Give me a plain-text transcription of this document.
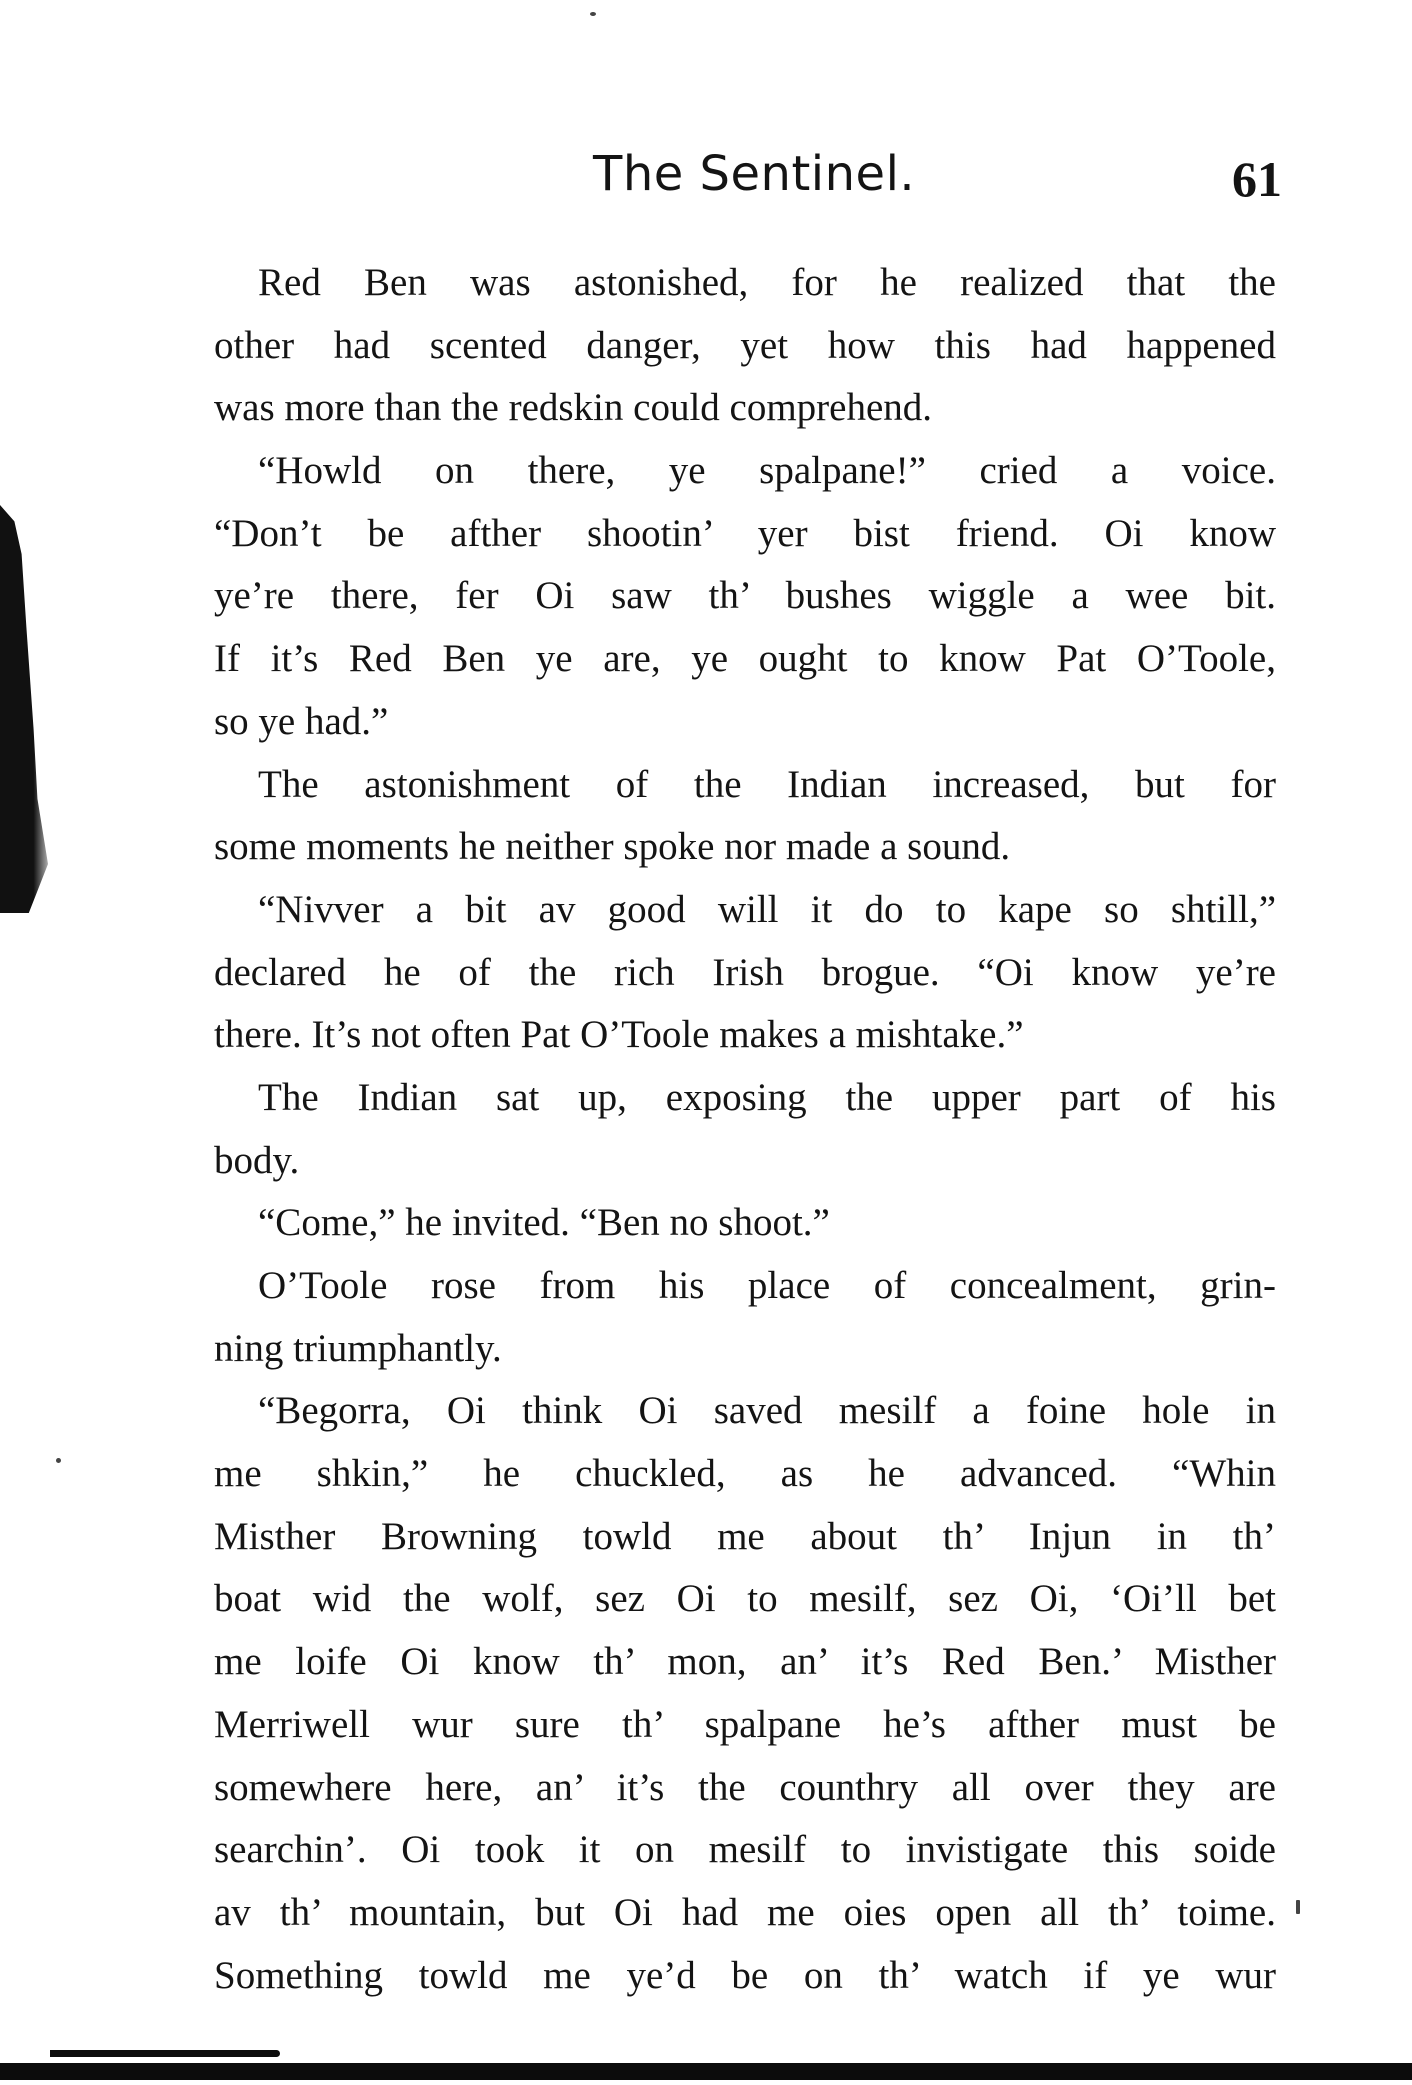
The Sentinel.	61
Red Ben was astonished, for he realized that the
other had scented danger, yet how this had happened
was more than the redskin could comprehend.
“Howld on there, ye spalpane!” cried a voice.
“Don’t be afther shootin’ yer bist friend. Oi know
ye’re there, fer Oi saw th’ bushes wiggle a wee bit.
If it’s Red Ben ye are, ye ought to know Pat O’Toole,
so ye had.”
The astonishment of the Indian increased, but for
some moments he neither spoke nor made a sound.
“Nivver a bit av good will it do to kape so shtill,”
declared he of the rich Irish brogue. “Oi know ye’re
there. It’s not often Pat O’Toole makes a mishtake.”
The Indian sat up, exposing the upper part of his
body.
“Come,” he invited. “Ben no shoot.”
O’Toole rose from his place of concealment, grin-
ning triumphantly.
“Begorra, Oi think Oi saved mesilf a foine hole in
me shkin,” he chuckled, as he advanced. “Whin
Misther Browning towld me about th’ Injun in th’
boat wid the wolf, sez Oi to mesilf, sez Oi, ‘Oi’ll bet
me loife Oi know th’ mon, an’ it’s Red Ben.’ Misther
Merriwell wur sure th’ spalpane he’s afther must be
somewhere here, an’ it’s the counthry all over they are
searchin’. Oi took it on mesilf to invistigate this soide
av th’ mountain, but Oi had me oies open all th’ toime.
Something towld me ye’d be on th’ watch if ye wur
